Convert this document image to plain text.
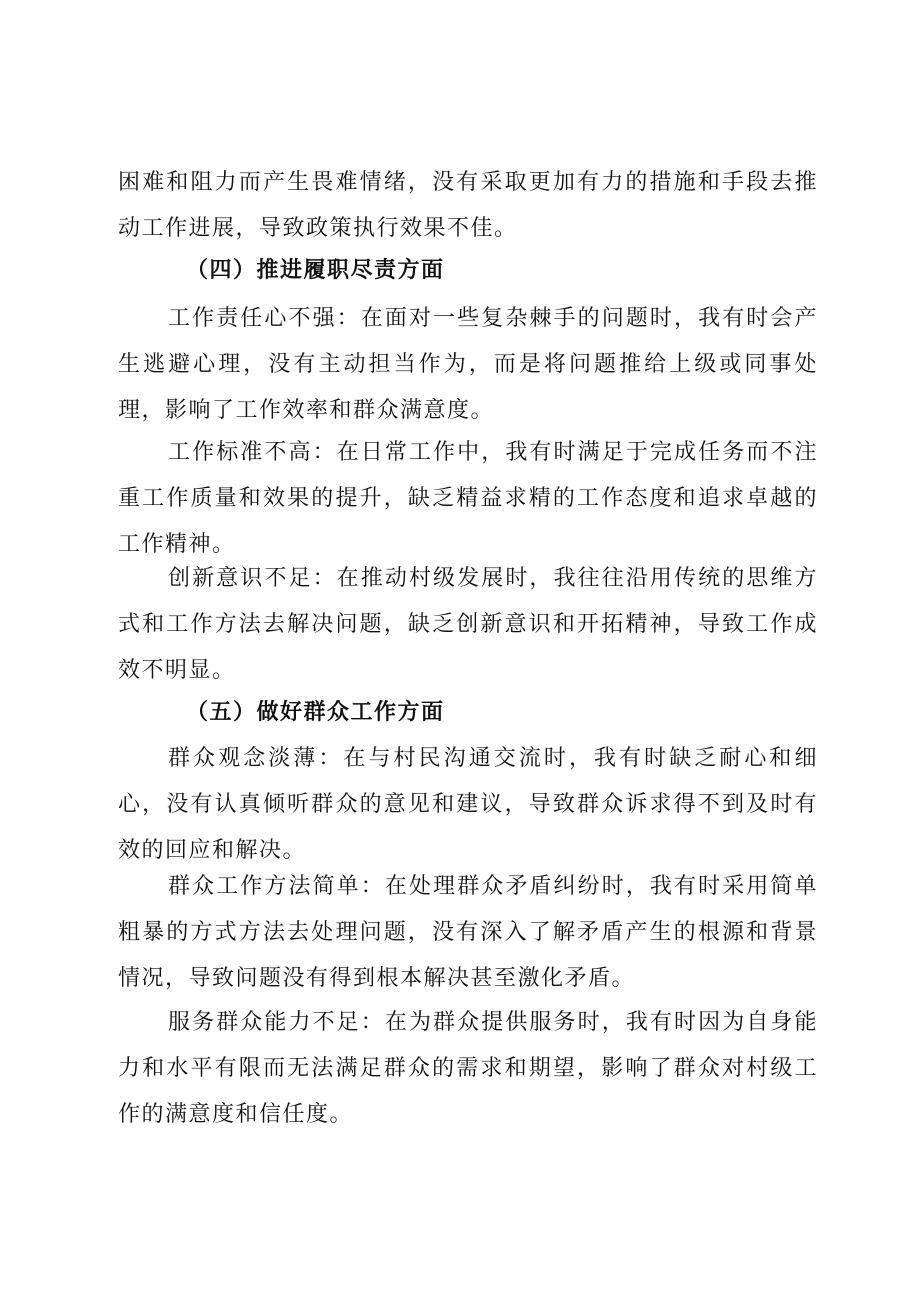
困难和阻力而产生畏难情绪，没有采取更加有力的措施和手段去推动工作进展，导致政策执行效果不佳。

（四）推进履职尽责方面

工作责任心不强：在面对一些复杂棘手的问题时，我有时会产生逃避心理，没有主动担当作为，而是将问题推给上级或同事处理，影响了工作效率和群众满意度。

工作标准不高：在日常工作中，我有时满足于完成任务而不注重工作质量和效果的提升，缺乏精益求精的工作态度和追求卓越的工作精神。

创新意识不足：在推动村级发展时，我往往沿用传统的思维方式和工作方法去解决问题，缺乏创新意识和开拓精神，导致工作成效不明显。

（五）做好群众工作方面

群众观念淡薄：在与村民沟通交流时，我有时缺乏耐心和细心，没有认真倾听群众的意见和建议，导致群众诉求得不到及时有效的回应和解决。

群众工作方法简单：在处理群众矛盾纠纷时，我有时采用简单粗暴的方式方法去处理问题，没有深入了解矛盾产生的根源和背景情况，导致问题没有得到根本解决甚至激化矛盾。

服务群众能力不足：在为群众提供服务时，我有时因为自身能力和水平有限而无法满足群众的需求和期望，影响了群众对村级工作的满意度和信任度。
